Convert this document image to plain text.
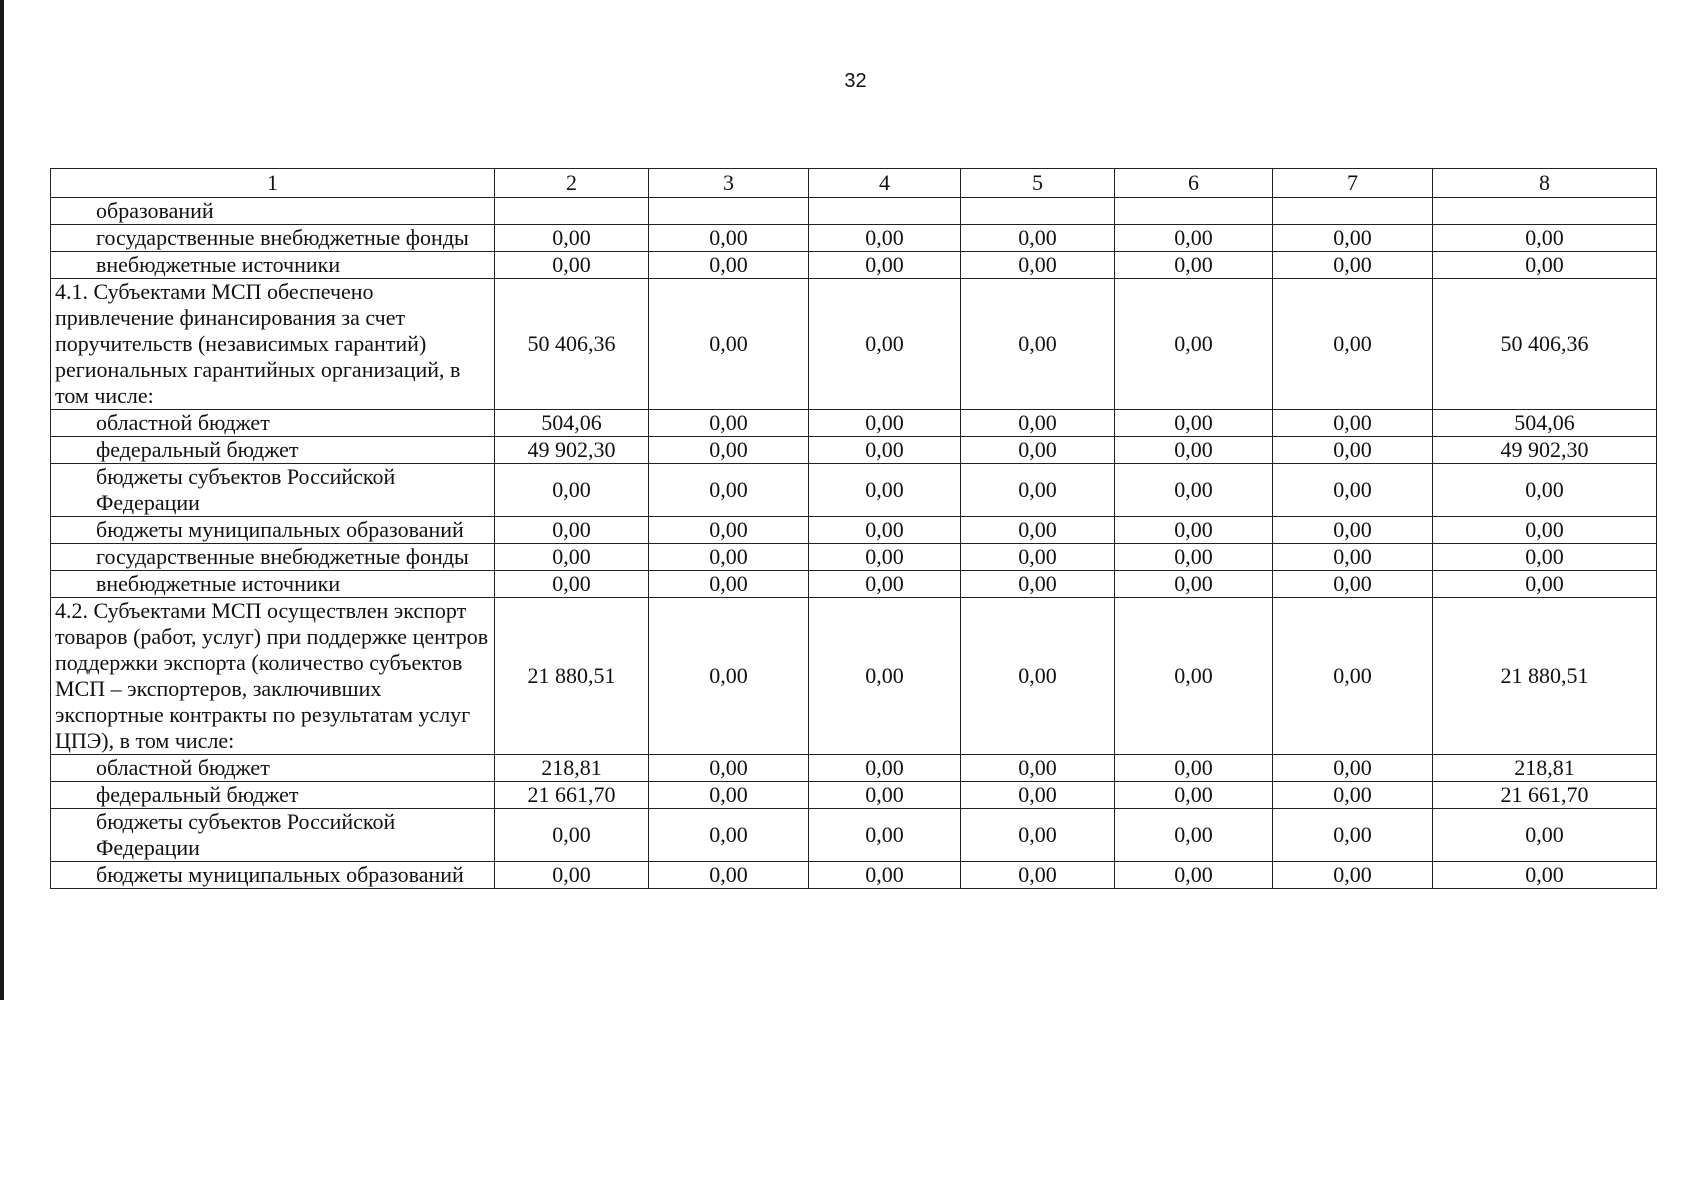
32
1	2	3	4	5	6	7	8
образований							
государственные внебюджетные фонды	0,00	0,00	0,00	0,00	0,00	0,00	0,00
внебюджетные источники	0,00	0,00	0,00	0,00	0,00	0,00	0,00
4.1. Субъектами МСП обеспечено привлечение финансирования за счет поручительств (независимых гарантий) региональных гарантийных организаций, в том числе:	50 406,36	0,00	0,00	0,00	0,00	0,00	50 406,36
областной бюджет	504,06	0,00	0,00	0,00	0,00	0,00	504,06
федеральный бюджет	49 902,30	0,00	0,00	0,00	0,00	0,00	49 902,30
бюджеты субъектов Российской Федерации	0,00	0,00	0,00	0,00	0,00	0,00	0,00
бюджеты муниципальных образований	0,00	0,00	0,00	0,00	0,00	0,00	0,00
государственные внебюджетные фонды	0,00	0,00	0,00	0,00	0,00	0,00	0,00
внебюджетные источники	0,00	0,00	0,00	0,00	0,00	0,00	0,00
4.2. Субъектами МСП осуществлен экспорт товаров (работ, услуг) при поддержке центров поддержки экспорта (количество субъектов МСП – экспортеров, заключивших экспортные контракты по результатам услуг ЦПЭ), в том числе:	21 880,51	0,00	0,00	0,00	0,00	0,00	21 880,51
областной бюджет	218,81	0,00	0,00	0,00	0,00	0,00	218,81
федеральный бюджет	21 661,70	0,00	0,00	0,00	0,00	0,00	21 661,70
бюджеты субъектов Российской Федерации	0,00	0,00	0,00	0,00	0,00	0,00	0,00
бюджеты муниципальных образований	0,00	0,00	0,00	0,00	0,00	0,00	0,00
